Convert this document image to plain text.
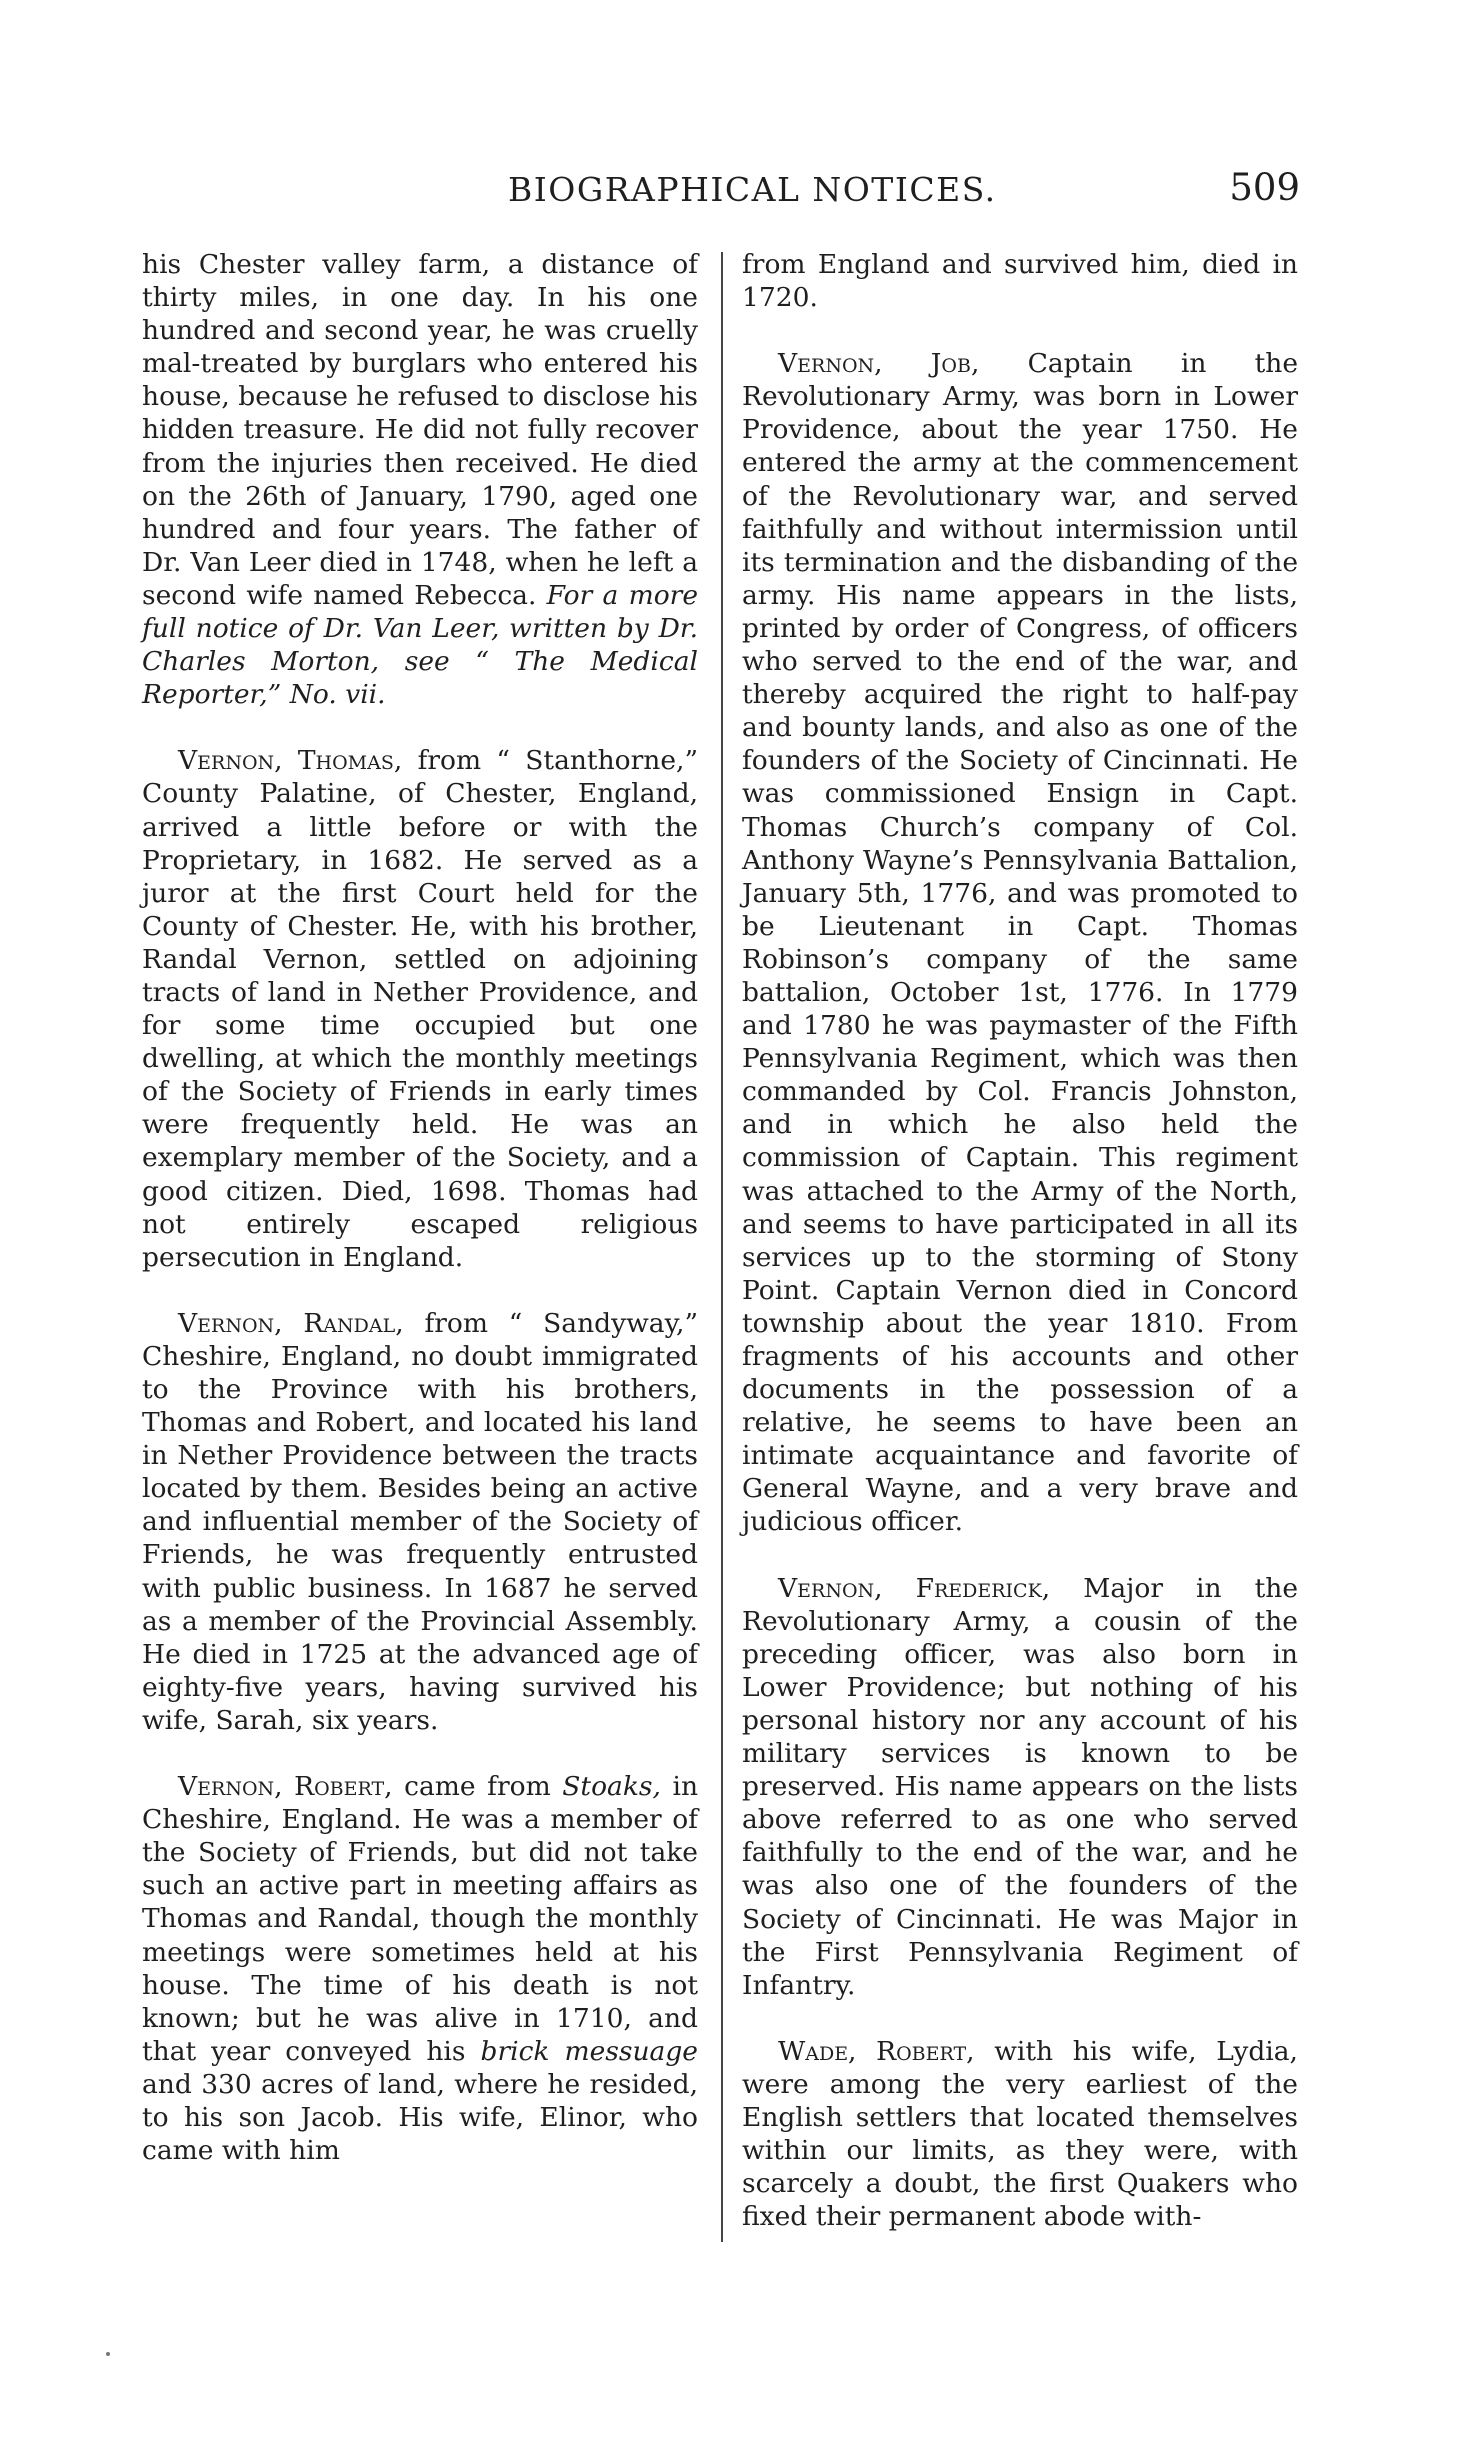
BIOGRAPHICAL NOTICES.	509

his Chester valley farm, a distance of thirty miles, in one day. In his one hundred and second year, he was cruelly mal-treated by burglars who entered his house, because he refused to disclose his hidden treasure. He did not fully recover from the injuries then received. He died on the 26th of January, 1790, aged one hundred and four years. The father of Dr. Van Leer died in 1748, when he left a second wife named Rebecca. For a more full notice of Dr. Van Leer, written by Dr. Charles Morton, see “ The Medical Reporter,” No. vii.

Vernon, Thomas, from “ Stanthorne,” County Palatine, of Chester, England, arrived a little before or with the Proprietary, in 1682. He served as a juror at the first Court held for the County of Chester. He, with his brother, Randal Vernon, settled on adjoining tracts of land in Nether Providence, and for some time occupied but one dwelling, at which the monthly meetings of the Society of Friends in early times were frequently held. He was an exemplary member of the Society, and a good citizen. Died, 1698. Thomas had not entirely escaped religious persecution in England.

Vernon, Randal, from “ Sandyway,” Cheshire, England, no doubt immigrated to the Province with his brothers, Thomas and Robert, and located his land in Nether Providence between the tracts located by them. Besides being an active and influential member of the Society of Friends, he was frequently entrusted with public business. In 1687 he served as a member of the Provincial Assembly. He died in 1725 at the advanced age of eighty-five years, having survived his wife, Sarah, six years.

Vernon, Robert, came from Stoaks, in Cheshire, England. He was a member of the Society of Friends, but did not take such an active part in meeting affairs as Thomas and Randal, though the monthly meetings were sometimes held at his house. The time of his death is not known; but he was alive in 1710, and that year conveyed his brick messuage and 330 acres of land, where he resided, to his son Jacob. His wife, Elinor, who came with him

from England and survived him, died in 1720.

Vernon, Job, Captain in the Revolutionary Army, was born in Lower Providence, about the year 1750. He entered the army at the commencement of the Revolutionary war, and served faithfully and without intermission until its termination and the disbanding of the army. His name appears in the lists, printed by order of Congress, of officers who served to the end of the war, and thereby acquired the right to half-pay and bounty lands, and also as one of the founders of the Society of Cincinnati. He was commissioned Ensign in Capt. Thomas Church’s company of Col. Anthony Wayne’s Pennsylvania Battalion, January 5th, 1776, and was promoted to be Lieutenant in Capt. Thomas Robinson’s company of the same battalion, October 1st, 1776. In 1779 and 1780 he was paymaster of the Fifth Pennsylvania Regiment, which was then commanded by Col. Francis Johnston, and in which he also held the commission of Captain. This regiment was attached to the Army of the North, and seems to have participated in all its services up to the storming of Stony Point. Captain Vernon died in Concord township about the year 1810. From fragments of his accounts and other documents in the possession of a relative, he seems to have been an intimate acquaintance and favorite of General Wayne, and a very brave and judicious officer.

Vernon, Frederick, Major in the Revolutionary Army, a cousin of the preceding officer, was also born in Lower Providence; but nothing of his personal history nor any account of his military services is known to be preserved. His name appears on the lists above referred to as one who served faithfully to the end of the war, and he was also one of the founders of the Society of Cincinnati. He was Major in the First Pennsylvania Regiment of Infantry.

Wade, Robert, with his wife, Lydia, were among the very earliest of the English settlers that located themselves within our limits, as they were, with scarcely a doubt, the first Quakers who fixed their permanent abode with-
